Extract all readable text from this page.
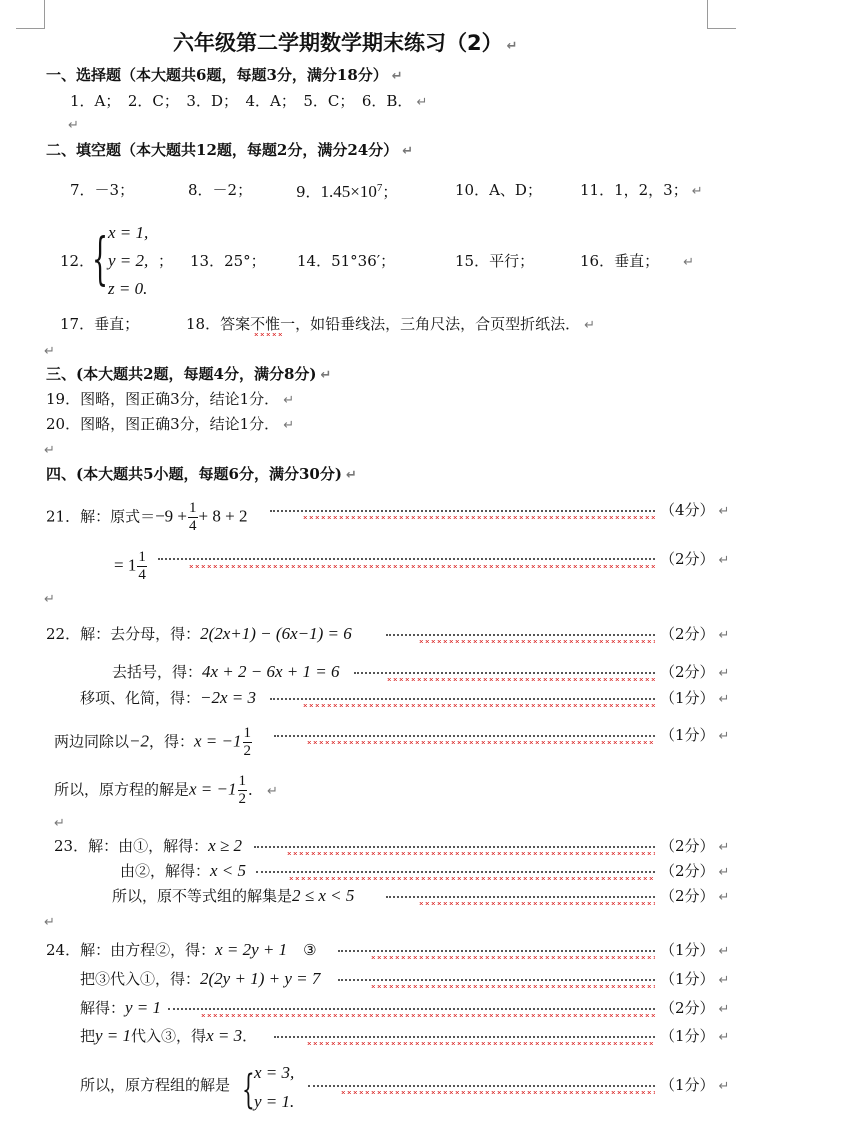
六年级第二学期数学期末练习（2） ↵
一、选择题（本大题共6题，每题3分，满分18分） ↵
1．A；　2．C；　3．D；　4．A；　5．C；　6．B． ↵
↵
二、填空题（本大题共12题，每题2分，满分24分） ↵
7．－3；	8．－2；	9．$1.45\times 10^7$；	10．A、D；	11．1，2，3； ↵
12．
{ x = 1,
y = 2,
z = 0.
； 13．25°； 14．51°36′；	15．平行；	16．垂直； ↵
17．垂直；	18．答案不惟一，如铅垂线法，三角尺法，合页型折纸法． ↵
↵
三、(本大题共2题，每题4分，满分8分) ↵
19．图略，图正确3分，结论1分． ↵
20．图略，图正确3分，结论1分． ↵
↵
四、(本大题共5小题，每题6分，满分30分) ↵
21．解：原式$=-9 + \frac{1}{4} + 8 + 2$	（4分） ↵
= $1 \frac{1}{4}$	（2分） ↵
↵
22．解：去分母，得：2(2x+1) − (6x−1) = 6	（2分） ↵
去括号，得：4x + 2 − 6x + 1 = 6	（2分） ↵
移项、化简，得：−2x = 3	（1分） ↵
两边同除以−2，得：$x = -1 \frac{1}{2}$	（1分） ↵
所以，原方程的解是$x = -1 \frac{1}{2}$ ． ↵
↵
23．解：由①，解得：x ≥ 2	（2分） ↵
由②，解得：x < 5	（2分） ↵
所以，原不等式组的解集是2 ≤ x < 5	（2分） ↵
↵
24．解：由方程②，得：x = 2y + 1 ③	（1分） ↵
把③代入①，得：2(2y + 1) + y = 7	（1分） ↵
解得：y = 1	（2分） ↵
把y = 1代入③，得x = 3．	（1分） ↵
所以，原方程组的解是 { x = 3,
y = 1.
（1分） ↵
